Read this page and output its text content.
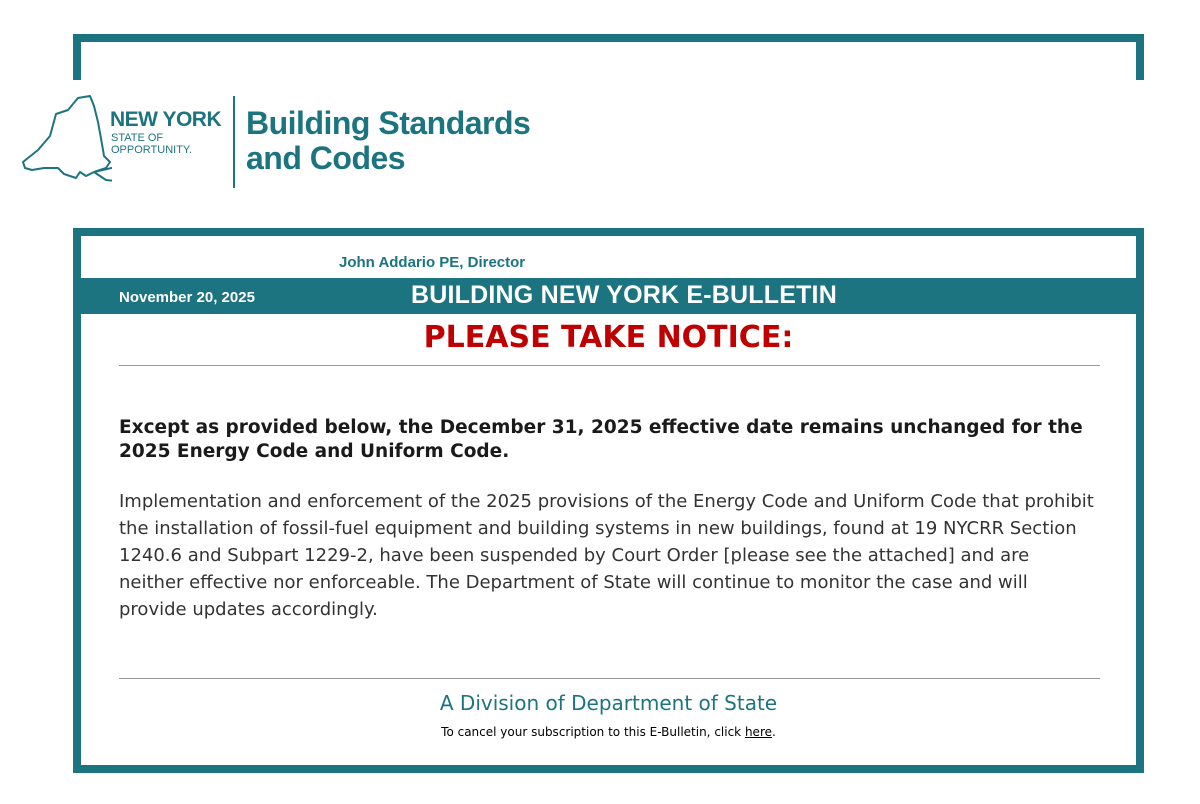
NEW YORK
STATE OF
OPPORTUNITY.
Building Standards
and Codes
John Addario PE, Director
November 20, 2025	BUILDING NEW YORK E-BULLETIN
PLEASE TAKE NOTICE:
Except as provided below, the December 31, 2025 effective date remains unchanged for the 2025 Energy Code and Uniform Code.
Implementation and enforcement of the 2025 provisions of the Energy Code and Uniform Code that prohibit the installation of fossil-fuel equipment and building systems in new buildings, found at 19 NYCRR Section 1240.6 and Subpart 1229-2, have been suspended by Court Order [please see the attached] and are neither effective nor enforceable. The Department of State will continue to monitor the case and will provide updates accordingly.
A Division of Department of State
To cancel your subscription to this E-Bulletin, click here.
